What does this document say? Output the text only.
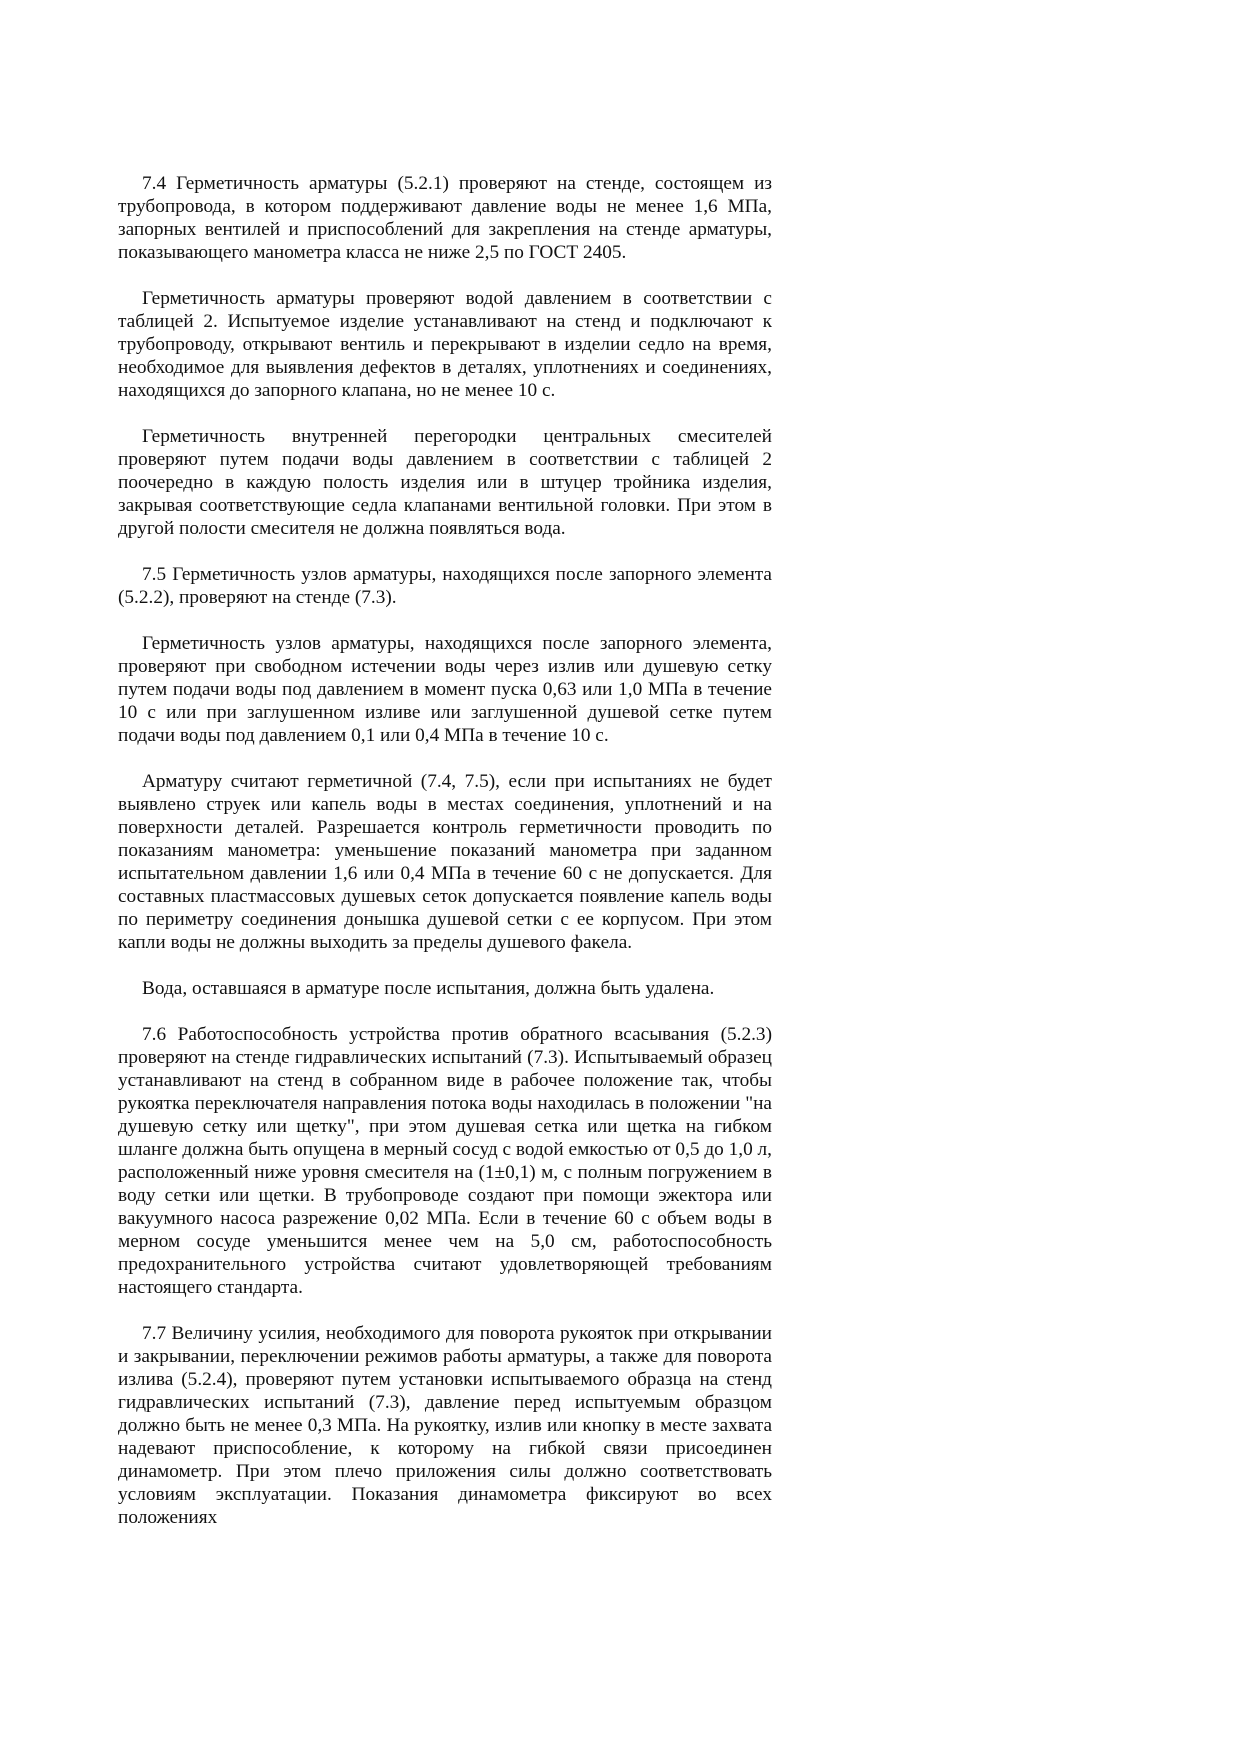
7.4 Герметичность арматуры (5.2.1) проверяют на стенде, состоящем из трубопровода, в котором поддерживают давление воды не менее 1,6 МПа, запорных вентилей и приспособлений для закрепления на стенде арматуры, показывающего манометра класса не ниже 2,5 по ГОСТ 2405.

Герметичность арматуры проверяют водой давлением в соответствии с таблицей 2. Испытуемое изделие устанавливают на стенд и подключают к трубопроводу, открывают вентиль и перекрывают в изделии седло на время, необходимое для выявления дефектов в деталях, уплотнениях и соединениях, находящихся до запорного клапана, но не менее 10 с.

Герметичность внутренней перегородки центральных смесителей проверяют путем подачи воды давлением в соответствии с таблицей 2 поочередно в каждую полость изделия или в штуцер тройника изделия, закрывая соответствующие седла клапанами вентильной головки. При этом в другой полости смесителя не должна появляться вода.

7.5 Герметичность узлов арматуры, находящихся после запорного элемента (5.2.2), проверяют на стенде (7.3).

Герметичность узлов арматуры, находящихся после запорного элемента, проверяют при свободном истечении воды через излив или душевую сетку путем подачи воды под давлением в момент пуска 0,63 или 1,0 МПа в течение 10 с или при заглушенном изливе или заглушенной душевой сетке путем подачи воды под давлением 0,1 или 0,4 МПа в течение 10 с.

Арматуру считают герметичной (7.4, 7.5), если при испытаниях не будет выявлено струек или капель воды в местах соединения, уплотнений и на поверхности деталей. Разрешается контроль герметичности проводить по показаниям манометра: уменьшение показаний манометра при заданном испытательном давлении 1,6 или 0,4 МПа в течение 60 с не допускается. Для составных пластмассовых душевых сеток допускается появление капель воды по периметру соединения донышка душевой сетки с ее корпусом. При этом капли воды не должны выходить за пределы душевого факела.

Вода, оставшаяся в арматуре после испытания, должна быть удалена.

7.6 Работоспособность устройства против обратного всасывания (5.2.3) проверяют на стенде гидравлических испытаний (7.3). Испытываемый образец устанавливают на стенд в собранном виде в рабочее положение так, чтобы рукоятка переключателя направления потока воды находилась в положении "на душевую сетку или щетку", при этом душевая сетка или щетка на гибком шланге должна быть опущена в мерный сосуд с водой емкостью от 0,5 до 1,0 л, расположенный ниже уровня смесителя на (1±0,1) м, с полным погружением в воду сетки или щетки. В трубопроводе создают при помощи эжектора или вакуумного насоса разрежение 0,02 МПа. Если в течение 60 с объем воды в мерном сосуде уменьшится менее чем на 5,0 см, работоспособность предохранительного устройства считают удовлетворяющей требованиям настоящего стандарта.

7.7 Величину усилия, необходимого для поворота рукояток при открывании и закрывании, переключении режимов работы арматуры, а также для поворота излива (5.2.4), проверяют путем установки испытываемого образца на стенд гидравлических испытаний (7.3), давление перед испытуемым образцом должно быть не менее 0,3 МПа. На рукоятку, излив или кнопку в месте захвата надевают приспособление, к которому на гибкой связи присоединен динамометр. При этом плечо приложения силы должно соответствовать условиям эксплуатации. Показания динамометра фиксируют во всех положениях
